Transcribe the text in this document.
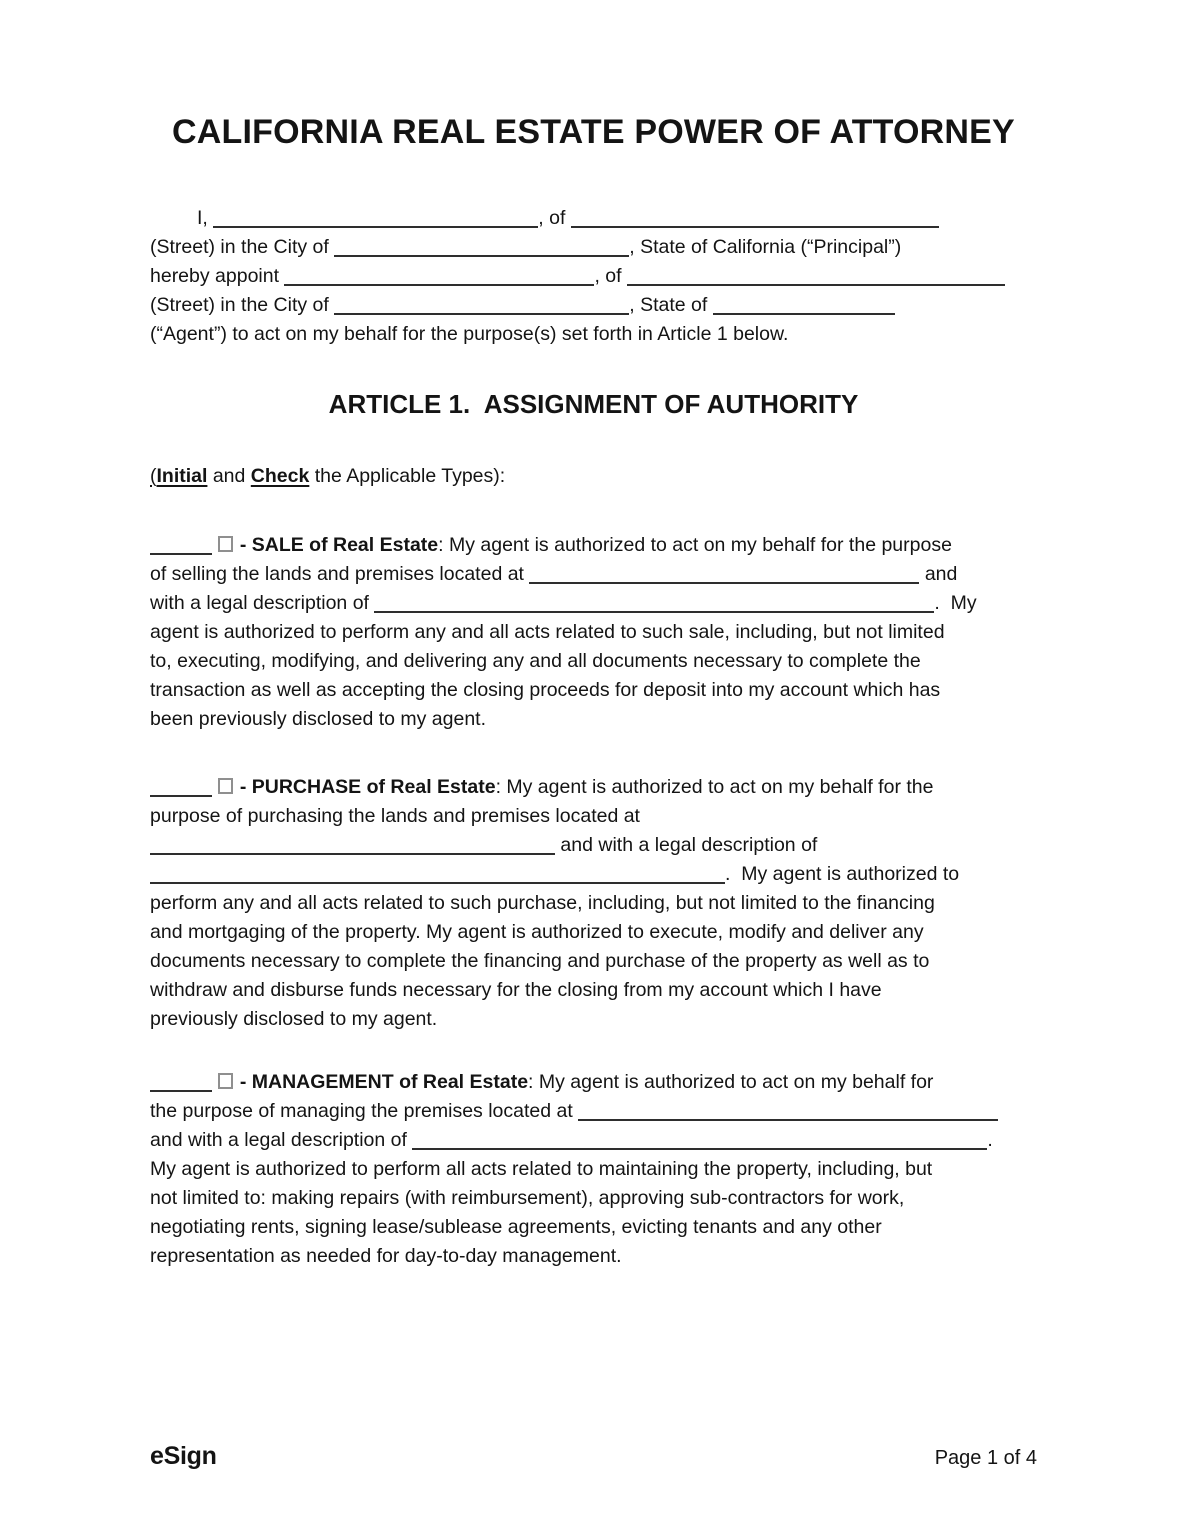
CALIFORNIA REAL ESTATE POWER OF ATTORNEY
I,	, of
(Street) in the City of	, State of California (“Principal”)
hereby appoint	, of
(Street) in the City of	, State of
(“Agent”) to act on my behalf for the purpose(s) set forth in Article 1 below.
ARTICLE 1.  ASSIGNMENT OF AUTHORITY
(Initial and Check the Applicable Types):
- SALE of Real Estate: My agent is authorized to act on my behalf for the purpose
of selling the lands and premises located at	and
with a legal description of	.  My
agent is authorized to perform any and all acts related to such sale, including, but not limited
to, executing, modifying, and delivering any and all documents necessary to complete the
transaction as well as accepting the closing proceeds for deposit into my account which has
been previously disclosed to my agent.
- PURCHASE of Real Estate: My agent is authorized to act on my behalf for the
purpose of purchasing the lands and premises located at
and with a legal description of
.  My agent is authorized to
perform any and all acts related to such purchase, including, but not limited to the financing
and mortgaging of the property. My agent is authorized to execute, modify and deliver any
documents necessary to complete the financing and purchase of the property as well as to
withdraw and disburse funds necessary for the closing from my account which I have
previously disclosed to my agent.
- MANAGEMENT of Real Estate: My agent is authorized to act on my behalf for
the purpose of managing the premises located at
and with a legal description of	.
My agent is authorized to perform all acts related to maintaining the property, including, but
not limited to: making repairs (with reimbursement), approving sub-contractors for work,
negotiating rents, signing lease/sublease agreements, evicting tenants and any other
representation as needed for day-to-day management.
eSign	Page 1 of 4
